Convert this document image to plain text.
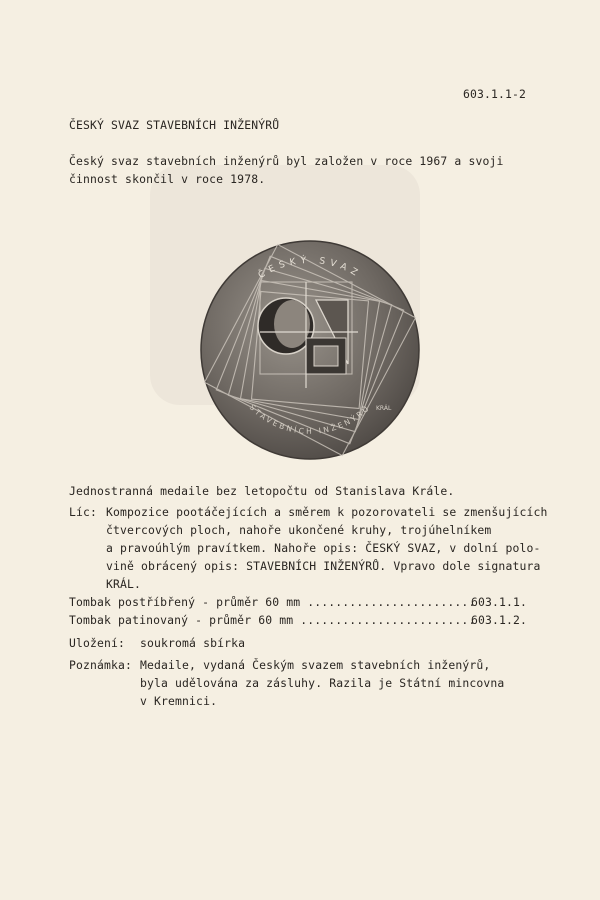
603.1.1-2
ČESKÝ SVAZ STAVEBNÍCH INŽENÝRŮ
Český svaz stavebních inženýrů byl založen v roce 1967 a svoji
činnost skončil v roce 1978.
ČESKÝ SVAZ
STAVEBNÍCH INŽENÝRŮ KRÁL
Jednostranná medaile bez letopočtu od Stanislava Krále.
Líc: Kompozice pootáčejících a směrem k pozorovateli se zmenšujících
čtvercových ploch, nahoře ukončené kruhy, trojúhelníkem
a pravoúhlým pravítkem. Nahoře opis: ČESKÝ SVAZ, v dolní polo-
vině obrácený opis: STAVEBNÍCH INŽENÝRŮ. Vpravo dole signatura
KRÁL.
Tombak postříbřený - průměr 60 mm ........................
603.1.1.
Tombak patinovaný - průměr 60 mm .........................
603.1.2.
Uložení: soukromá sbírka
Poznámka: Medaile, vydaná Českým svazem stavebních inženýrů,
byla udělována za zásluhy. Razila je Státní mincovna
v Kremnici.
